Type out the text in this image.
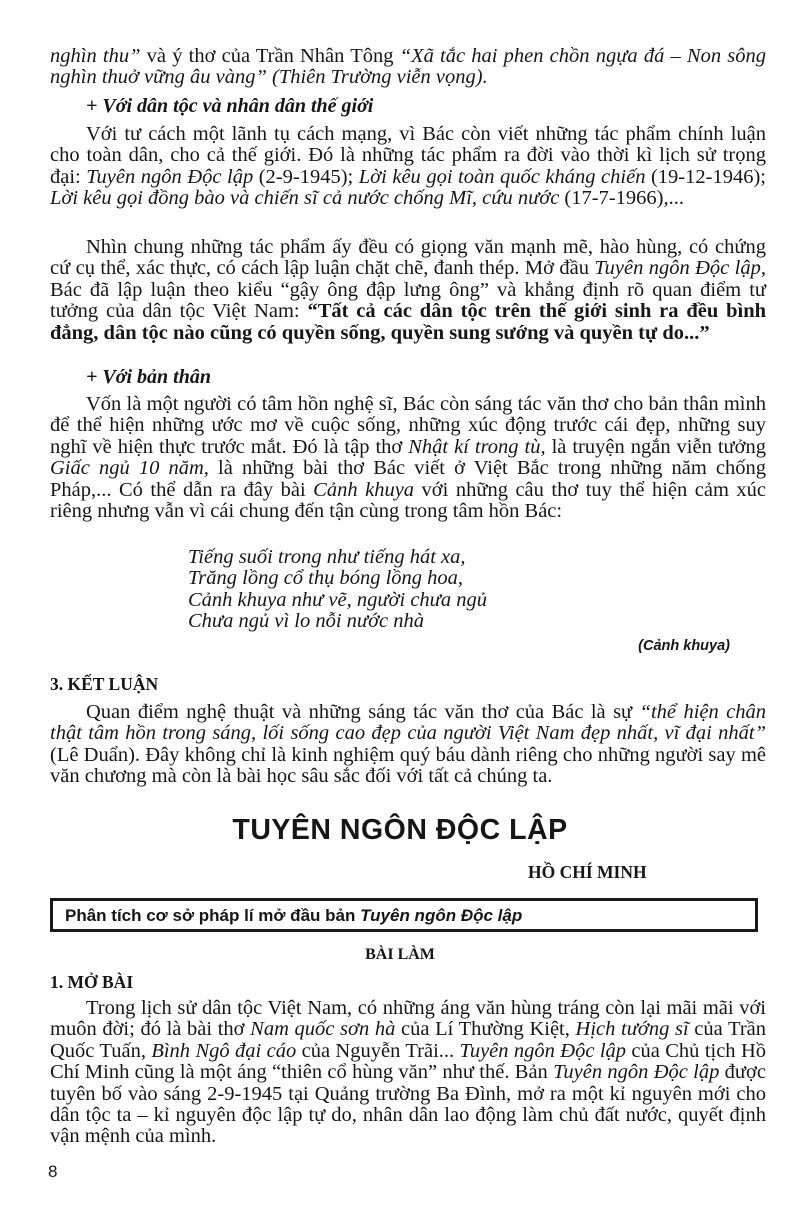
nghìn thu” và ý thơ của Trần Nhân Tông “Xã tắc hai phen chồn ngựa đá – Non sông nghìn thuở vững âu vàng” (Thiên Trường viễn vọng).

+ Với dân tộc và nhân dân thế giới

Với tư cách một lãnh tụ cách mạng, vì Bác còn viết những tác phẩm chính luận cho toàn dân, cho cả thế giới. Đó là những tác phẩm ra đời vào thời kì lịch sử trọng đại: Tuyên ngôn Độc lập (2-9-1945); Lời kêu gọi toàn quốc kháng chiến (19-12-1946); Lời kêu gọi đồng bào và chiến sĩ cả nước chống Mĩ, cứu nước (17-7-1966),...

Nhìn chung những tác phẩm ấy đều có giọng văn mạnh mẽ, hào hùng, có chứng cứ cụ thể, xác thực, có cách lập luận chặt chẽ, đanh thép. Mở đầu Tuyên ngôn Độc lập, Bác đã lập luận theo kiểu “gậy ông đập lưng ông” và khẳng định rõ quan điểm tư tưởng của dân tộc Việt Nam: “Tất cả các dân tộc trên thế giới sinh ra đều bình đẳng, dân tộc nào cũng có quyền sống, quyền sung sướng và quyền tự do...”

+ Với bản thân

Vốn là một người có tâm hồn nghệ sĩ, Bác còn sáng tác văn thơ cho bản thân mình để thể hiện những ước mơ về cuộc sống, những xúc động trước cái đẹp, những suy nghĩ về hiện thực trước mắt. Đó là tập thơ Nhật kí trong tù, là truyện ngắn viễn tưởng Giấc ngủ 10 năm, là những bài thơ Bác viết ở Việt Bắc trong những năm chống Pháp,... Có thể dẫn ra đây bài Cảnh khuya với những câu thơ tuy thể hiện cảm xúc riêng nhưng vẫn vì cái chung đến tận cùng trong tâm hồn Bác:

Tiếng suối trong như tiếng hát xa,
Trăng lồng cổ thụ bóng lồng hoa,
Cảnh khuya như vẽ, người chưa ngủ
Chưa ngủ vì lo nỗi nước nhà
(Cảnh khuya)
3. KẾT LUẬN

Quan điểm nghệ thuật và những sáng tác văn thơ của Bác là sự “thể hiện chân thật tâm hồn trong sáng, lối sống cao đẹp của người Việt Nam đẹp nhất, vĩ đại nhất” (Lê Duẩn). Đây không chỉ là kinh nghiệm quý báu dành riêng cho những người say mê văn chương mà còn là bài học sâu sắc đối với tất cả chúng ta.

TUYÊN NGÔN ĐỘC LẬP
HỒ CHÍ MINH
Phân tích cơ sở pháp lí mở đầu bản Tuyên ngôn Độc lập
BÀI LÀM
1. MỞ BÀI

Trong lịch sử dân tộc Việt Nam, có những áng văn hùng tráng còn lại mãi mãi với muôn đời; đó là bài thơ Nam quốc sơn hà của Lí Thường Kiệt, Hịch tướng sĩ của Trần Quốc Tuấn, Bình Ngô đại cáo của Nguyễn Trãi... Tuyên ngôn Độc lập của Chủ tịch Hồ Chí Minh cũng là một áng “thiên cổ hùng văn” như thế. Bản Tuyên ngôn Độc lập được tuyên bố vào sáng 2-9-1945 tại Quảng trường Ba Đình, mở ra một kỉ nguyên mới cho dân tộc ta – kỉ nguyên độc lập tự do, nhân dân lao động làm chủ đất nước, quyết định vận mệnh của mình.

8
